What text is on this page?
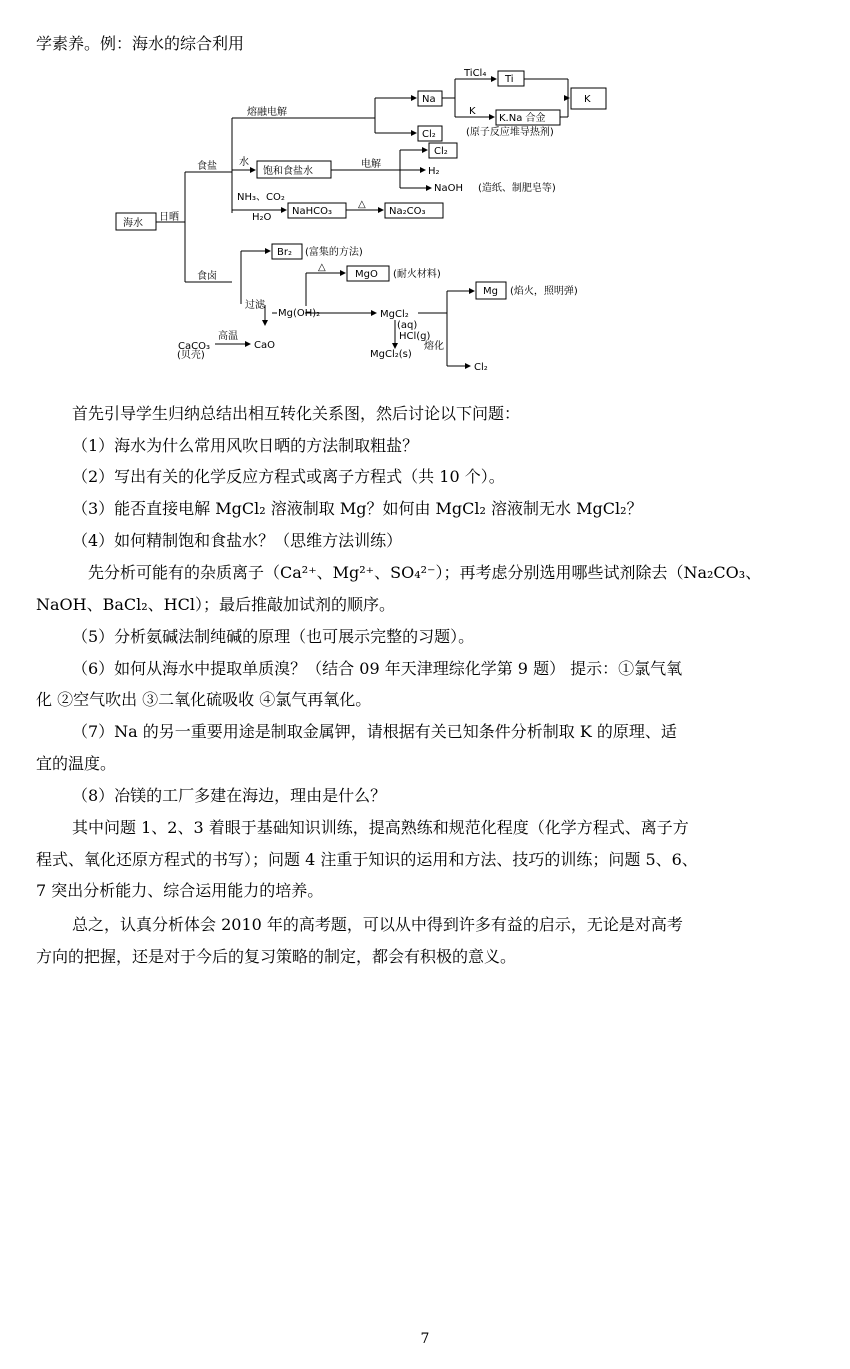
学素养。例：海水的综合利用
海水
日晒
食盐
食卤
熔融电解
Na
Cl₂
TiCl₄
Ti
K
K.Na 合金
K
(原子反应堆导热剂)
水
饱和食盐水
电解
Cl₂
H₂
NaOH (造纸、制肥皂等)
NH₃、CO₂
H₂O
NaHCO₃
△
Na₂CO₃
Br₂ (富集的方法)
过滤
Mg(OH)₂
△
MgO (耐火材料)
CaCO₃
(贝壳)
高温
CaO
MgCl₂
(aq)
HCl(g)
MgCl₂(s)
熔化
Mg (焰火，照明弹)
Cl₂
首先引导学生归纳总结出相互转化关系图，然后讨论以下问题：
（1）海水为什么常用风吹日晒的方法制取粗盐？
（2）写出有关的化学反应方程式或离子方程式（共 10 个）。
（3）能否直接电解 MgCl₂ 溶液制取 Mg？如何由 MgCl₂ 溶液制无水 MgCl₂？
（4）如何精制饱和食盐水？（思维方法训练）
先分析可能有的杂质离子（Ca²⁺、Mg²⁺、SO₄²⁻）；再考虑分别选用哪些试剂除去（Na₂CO₃、
NaOH、BaCl₂、HCl）；最后推敲加试剂的顺序。
（5）分析氨碱法制纯碱的原理（也可展示完整的习题）。
（6）如何从海水中提取单质溴？（结合 09 年天津理综化学第 9 题） 提示：①氯气氧
化 ②空气吹出 ③二氧化硫吸收 ④氯气再氧化。
（7）Na 的另一重要用途是制取金属钾，请根据有关已知条件分析制取 K 的原理、适
宜的温度。
（8）冶镁的工厂多建在海边，理由是什么？
其中问题 1、2、3 着眼于基础知识训练，提高熟练和规范化程度（化学方程式、离子方
程式、氧化还原方程式的书写）；问题 4 注重于知识的运用和方法、技巧的训练；问题 5、6、
7 突出分析能力、综合运用能力的培养。
总之，认真分析体会 2010 年的高考题，可以从中得到许多有益的启示，无论是对高考
方向的把握，还是对于今后的复习策略的制定，都会有积极的意义。
7
